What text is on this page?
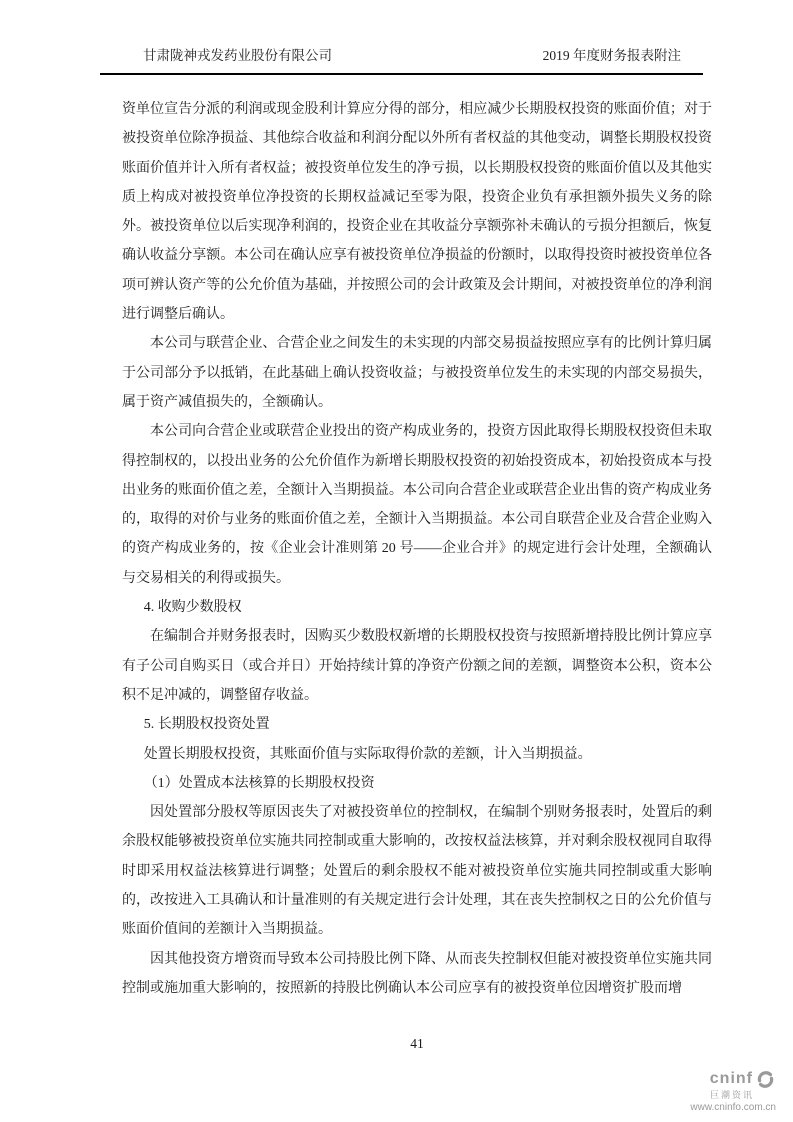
甘肃陇神戎发药业股份有限公司	2019 年度财务报表附注

资单位宣告分派的利润或现金股利计算应分得的部分，相应减少长期股权投资的账面价值；对于被投资单位除净损益、其他综合收益和利润分配以外所有者权益的其他变动，调整长期股权投资账面价值并计入所有者权益；被投资单位发生的净亏损，以长期股权投资的账面价值以及其他实质上构成对被投资单位净投资的长期权益减记至零为限，投资企业负有承担额外损失义务的除外。被投资单位以后实现净利润的，投资企业在其收益分享额弥补未确认的亏损分担额后，恢复确认收益分享额。本公司在确认应享有被投资单位净损益的份额时，以取得投资时被投资单位各项可辨认资产等的公允价值为基础，并按照公司的会计政策及会计期间，对被投资单位的净利润进行调整后确认。

本公司与联营企业、合营企业之间发生的未实现的内部交易损益按照应享有的比例计算归属于公司部分予以抵销，在此基础上确认投资收益；与被投资单位发生的未实现的内部交易损失，属于资产减值损失的，全额确认。

本公司向合营企业或联营企业投出的资产构成业务的，投资方因此取得长期股权投资但未取得控制权的，以投出业务的公允价值作为新增长期股权投资的初始投资成本，初始投资成本与投出业务的账面价值之差，全额计入当期损益。本公司向合营企业或联营企业出售的资产构成业务的，取得的对价与业务的账面价值之差，全额计入当期损益。本公司自联营企业及合营企业购入的资产构成业务的，按《企业会计准则第 20 号——企业合并》的规定进行会计处理，全额确认与交易相关的利得或损失。

4. 收购少数股权

在编制合并财务报表时，因购买少数股权新增的长期股权投资与按照新增持股比例计算应享有子公司自购买日（或合并日）开始持续计算的净资产份额之间的差额，调整资本公积，资本公积不足冲减的，调整留存收益。

5. 长期股权投资处置

处置长期股权投资，其账面价值与实际取得价款的差额，计入当期损益。

（1）处置成本法核算的长期股权投资

因处置部分股权等原因丧失了对被投资单位的控制权，在编制个别财务报表时，处置后的剩余股权能够被投资单位实施共同控制或重大影响的，改按权益法核算，并对剩余股权视同自取得时即采用权益法核算进行调整；处置后的剩余股权不能对被投资单位实施共同控制或重大影响的，改按进入工具确认和计量准则的有关规定进行会计处理，其在丧失控制权之日的公允价值与账面价值间的差额计入当期损益。

因其他投资方增资而导致本公司持股比例下降、从而丧失控制权但能对被投资单位实施共同控制或施加重大影响的，按照新的持股比例确认本公司应享有的被投资单位因增资扩股而增

41
cninf
巨潮资讯
www.cninfo.com.cn
